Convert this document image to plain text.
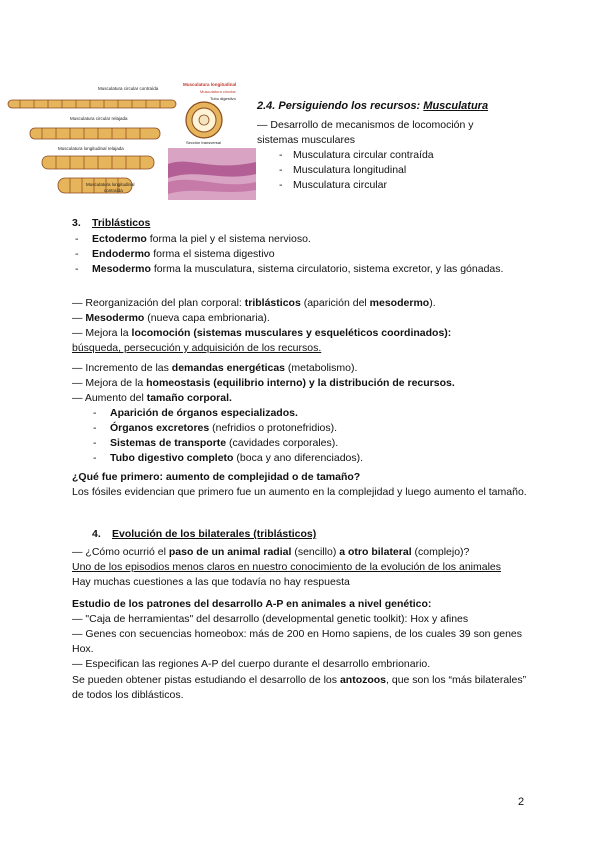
Musculatura circular contraída
Musculatura circular relajada
Musculatura longitudinal relajada
Musculatura longitudinal
contraída
Musculatura longitudinal
Musculatura circular
Tubo digestivo
Sección transversal

2.4. Persiguiendo los recursos: Musculatura

— Desarrollo de mecanismos de locomoción y

sistemas musculares

- Musculatura circular contraída

- Musculatura longitudinal

- Musculatura circular

3. Triblásticos

- Ectodermo forma la piel y el sistema nervioso.

- Endodermo forma el sistema digestivo

- Mesodermo forma la musculatura, sistema circulatorio, sistema excretor, y las gónadas.

— Reorganización del plan corporal: triblásticos (aparición del mesodermo).

— Mesodermo (nueva capa embrionaria).

— Mejora la locomoción (sistemas musculares y esqueléticos coordinados):

búsqueda, persecución y adquisición de los recursos.

— Incremento de las demandas energéticas (metabolismo).

— Mejora de la homeostasis (equilibrio interno) y la distribución de recursos.

— Aumento del tamaño corporal.

- Aparición de órganos especializados.

- Órganos excretores (nefridios o protonefridios).

- Sistemas de transporte (cavidades corporales).

- Tubo digestivo completo (boca y ano diferenciados).

¿Qué fue primero: aumento de complejidad o de tamaño?

Los fósiles evidencian que primero fue un aumento en la complejidad y luego aumento el tamaño.

4. Evolución de los bilaterales (triblásticos)

— ¿Cómo ocurrió el paso de un animal radial (sencillo) a otro bilateral (complejo)?

Uno de los episodios menos claros en nuestro conocimiento de la evolución de los animales

Hay muchas cuestiones a las que todavía no hay respuesta

Estudio de los patrones del desarrollo A-P en animales a nivel genético:

— "Caja de herramientas" del desarrollo (developmental genetic toolkit): Hox y afines

— Genes con secuencias homeobox: más de 200 en Homo sapiens, de los cuales 39 son genes Hox.

— Especifican las regiones A-P del cuerpo durante el desarrollo embrionario.

Se pueden obtener pistas estudiando el desarrollo de los antozoos, que son los “más bilaterales” de todos los diblásticos.

2
